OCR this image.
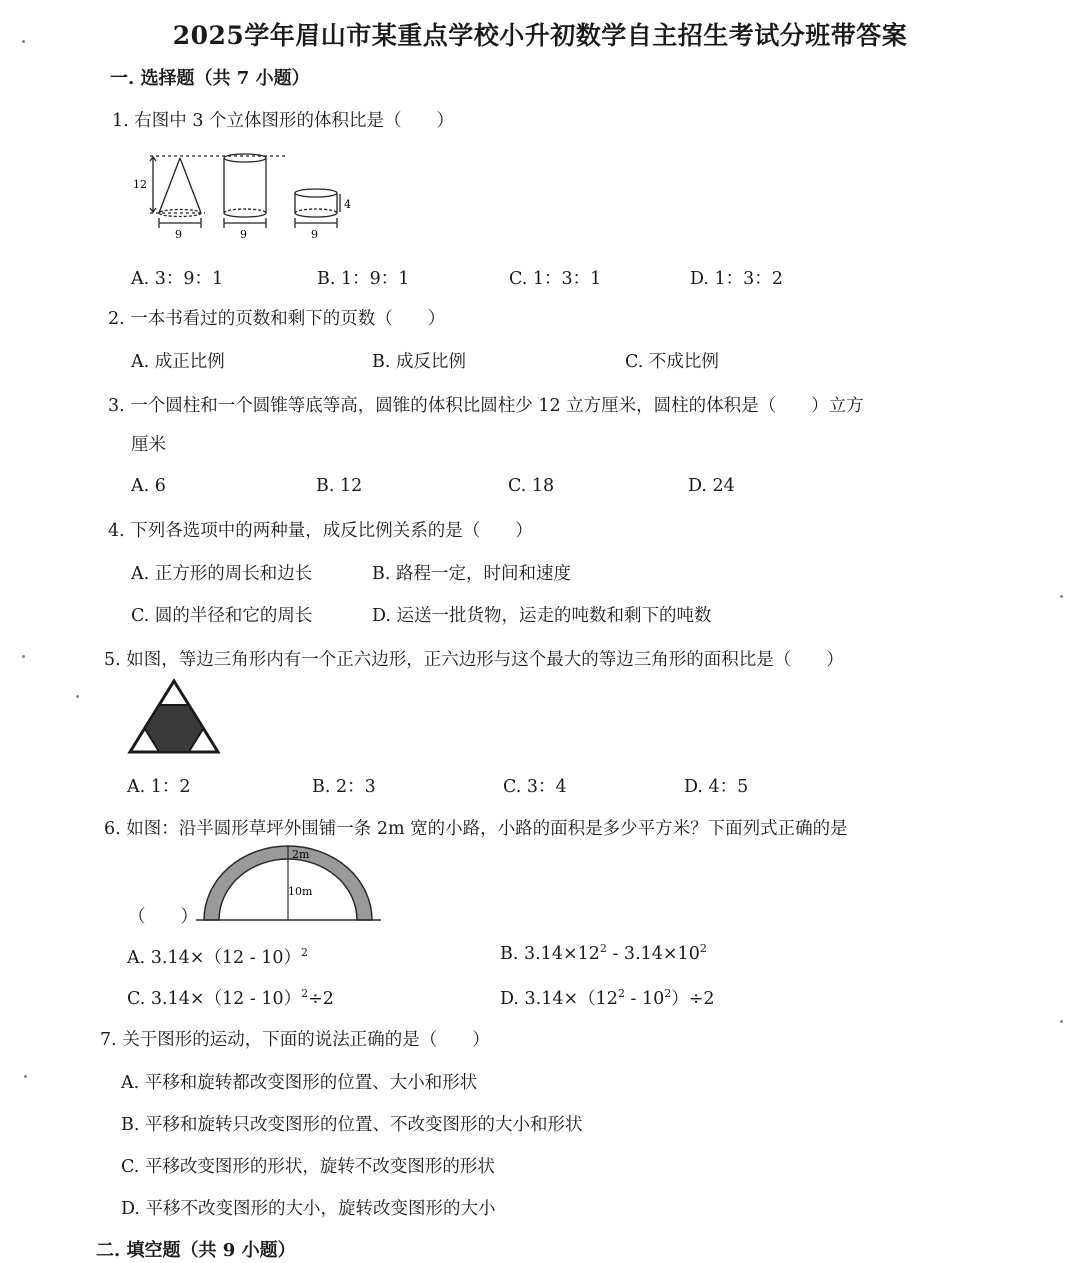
2025学年眉山市某重点学校小升初数学自主招生考试分班带答案
一. 选择题（共 7 小题）
1. 右图中 3 个立体图形的体积比是（　　）
12
4
9	9	9
A. 3：9：1	B. 1：9：1	C. 1：3：1	D. 1：3：2
2. 一本书看过的页数和剩下的页数（　　）
A. 成正比例	B. 成反比例	C. 不成比例
3. 一个圆柱和一个圆锥等底等高，圆锥的体积比圆柱少 12 立方厘米，圆柱的体积是（　　）立方
厘米
A. 6	B. 12	C. 18	D. 24
4. 下列各选项中的两种量，成反比例关系的是（　　）
A. 正方形的周长和边长	B. 路程一定，时间和速度
C. 圆的半径和它的周长	D. 运送一批货物，运走的吨数和剩下的吨数
5. 如图，等边三角形内有一个正六边形，正六边形与这个最大的等边三角形的面积比是（　　）
A. 1：2	B. 2：3	C. 3：4	D. 4：5
6. 如图：沿半圆形草坪外围铺一条 2m 宽的小路，小路的面积是多少平方米？下面列式正确的是
2m
10m
（　　）
A. 3.14×（12 - 10）$^2$	B. $3.14\times 12^2 - 3.14\times 10^2$
C. 3.14×（12 - 10）$^2$÷2	D. $3.14\times(12^2 - 10^2)\div 2$
7. 关于图形的运动，下面的说法正确的是（　　）
A. 平移和旋转都改变图形的位置、大小和形状
B. 平移和旋转只改变图形的位置、不改变图形的大小和形状
C. 平移改变图形的形状，旋转不改变图形的形状
D. 平移不改变图形的大小，旋转改变图形的大小
二. 填空题（共 9 小题）
